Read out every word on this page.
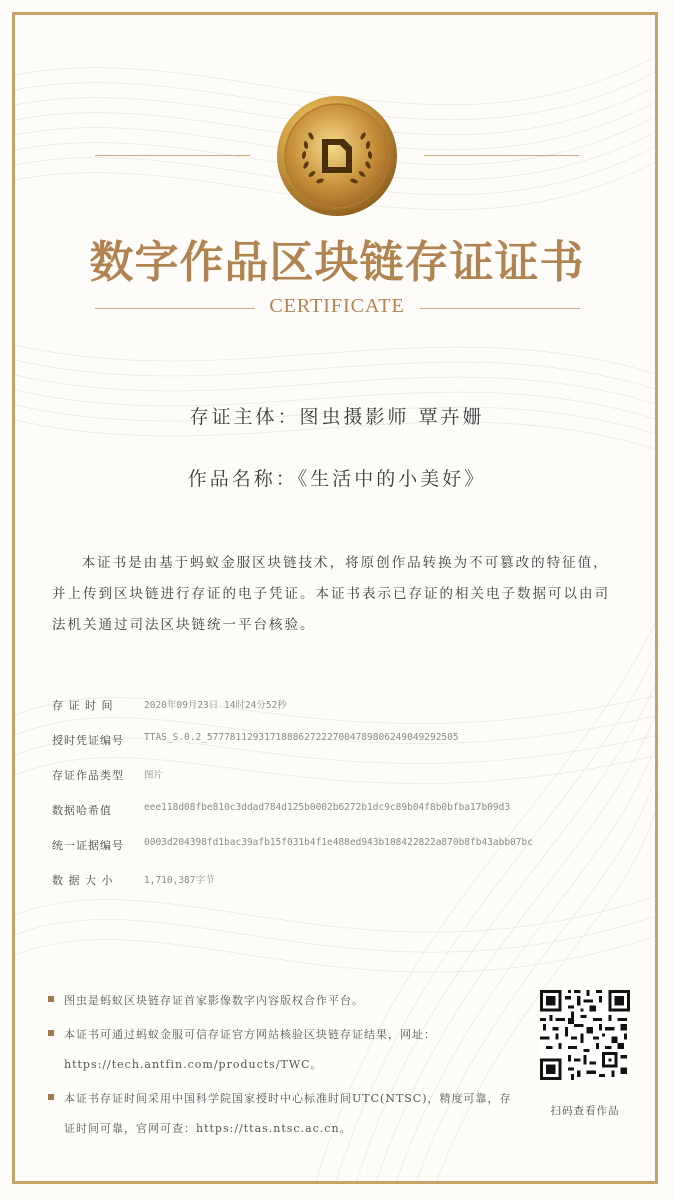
数字作品区块链存证证书
CERTIFICATE
存证主体：图虫摄影师 覃卉姗
作品名称：《生活中的小美好》
本证书是由基于蚂蚁金服区块链技术，将原创作品转换为不可篡改的特征值，并上传到区块链进行存证的电子凭证。本证书表示已存证的相关电子数据可以由司法机关通过司法区块链统一平台核验。
存 证 时 间	2020年09月23日 14时24分52秒
授时凭证编号	TTAS_S.0.2_57778112931718886272227004789806249049292505
存证作品类型	图片
数据哈希值	eee118d08fbe810c3ddad784d125b0002b6272b1dc9c89b04f8b0bfba17b09d3
统一证据编号	0003d204398fd1bac39afb15f031b4f1e488ed943b108422822a870b8fb43abb07bc
数 据 大 小	1,710,387字节
图虫是蚂蚁区块链存证首家影像数字内容版权合作平台。
本证书可通过蚂蚁金服可信存证官方网站核验区块链存证结果，网址：https://tech.antfin.com/products/TWC。
本证书存证时间采用中国科学院国家授时中心标准时间UTC(NTSC)，精度可靠，存证时间可靠，官网可查：https://ttas.ntsc.ac.cn。
扫码查看作品
